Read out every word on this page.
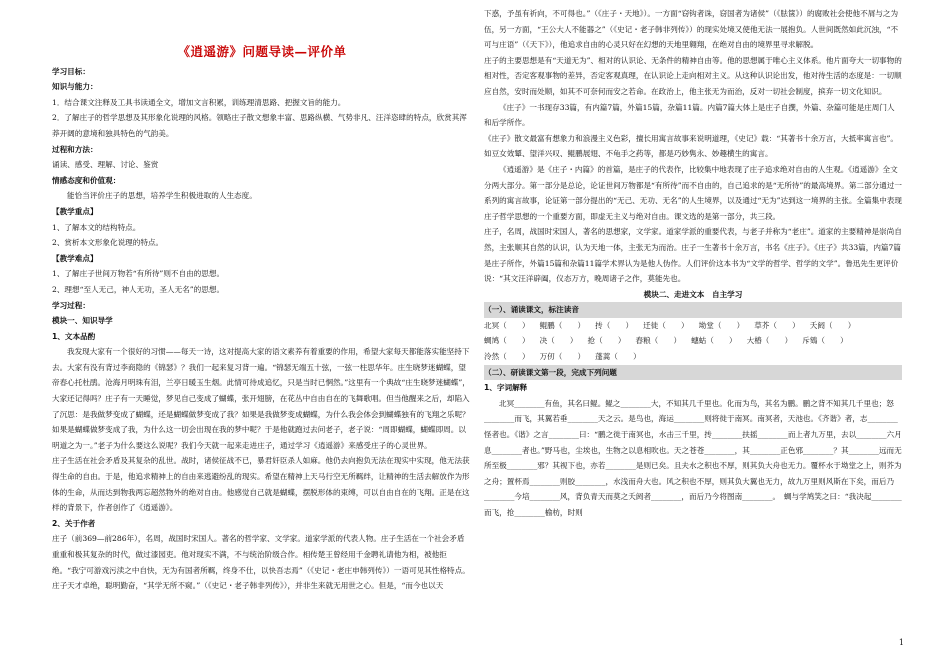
《逍遥游》问题导读—评价单

学习目标：

知识与能力：

1．结合课文注释及工具书读通全文，增加文言积累，训练理清思路、把握文旨的能力。

2．了解庄子的哲学思想及其形象化说理的风格。领略庄子散文想象丰富、思路纵横、气势非凡、汪洋恣肆的特点，欣赏其浑莽开阔的意境和独具特色的气韵美。

过程和方法：

诵读、感受、理解、讨论、鉴赏

情感态度和价值观：

能恰当评价庄子的思想，培养学生积极进取的人生态度。

【教学重点】

1、了解本文的结构特点。

2、赏析本文形象化说理的特点。

【教学难点】

1、了解庄子世间万物若“有所待”则不自由的思想。

2、理想“至人无己，神人无功，圣人无名”的思想。

学习过程：

模块一、知识导学

1、文本品酌

我发现大家有一个很好的习惯——每天一诗，这对提高大家的语文素养有着重要的作用，希望大家每天都能落实能坚持下去。大家有没有背过李商隐的《锦瑟》？我们一起来复习背一遍。“锦瑟无端五十弦，一弦一柱思华年。庄生晓梦迷蝴蝶，望帝春心托杜鹃。沧海月明珠有泪，兰亭日暖玉生烟。此情可待成追忆，只是当时已惘然。”这里有一个典故“庄生晓梦迷蝴蝶”，大家还记得吗？庄子有一天睡觉，梦见自己变成了蝴蝶，张开翅膀，在花丛中自由自在的飞舞歌唱。但当他醒来之后，却陷入了沉思：是我做梦变成了蝴蝶，还是蝴蝶做梦变成了我？如果是我做梦变成蝴蝶，为什么我会体会到蝴蝶独有的飞翔之乐呢？如果是蝴蝶做梦变成了我，为什么这一切会出现在我的梦中呢？于是他就跑过去问老子，老子说：“周即蝴蝶，蝴蝶即周。以明道之为一。”老子为什么要这么说呢？我们今天就一起来走进庄子，通过学习《逍遥游》来感受庄子的心灵世界。

庄子生活在社会矛盾及其复杂的乱世。战时，诸侯征战不已，暴君奸臣杀人如麻。他仍去向抱负无法在现实中实现，他无法获得生命的自由。于是，他追求精神上的自由来逃避纷乱的现实。希望在精神上天马行空无所羁绊，让精神的生活去解放作为形体的生命，从而达到物我两忘超然物外的绝对自由。他感觉自己就是蝴蝶，摆脱形体的束缚，可以自由自在的飞翔。正是在这样的背景下，作者创作了《逍遥游》。

2、关于作者

庄子（前369—前286年），名周，战国时宋国人。著名的哲学家、文学家。道家学派的代表人物。庄子生活在一个社会矛盾重重和极其复杂的时代，做过漆园吏。他对现实不满，不与统治阶级合作。相传楚王曾经用千金聘礼请他为相，被他拒绝。“我宁可游戏污渎之中自快，无为有国者所羁，终身不仕，以快吾志焉”（《史记・老庄申韩列传》）一语可见其性格特点。　　　　庄子天才卓绝，聪明勤奋，“其学无所不窥。”（《史记・老子韩非列传》），并非生来就无用世之心。但是，“而今也以天

下惑，予虽有祈向，不可得也。”（《庄子・天地》）。一方面“窃钩者诛，窃国者为诸侯”（《胠箧》）的腐败社会使他不屑与之为伍，另一方面，“王公大人不能器之”（《史记・老子韩非列传》）的现实处境又使他无法一展抱负。人世间既然如此沉浊，“不可与庄语”（《天下》），他追求自由的心灵只好在幻想的天地里翱翔，在绝对自由的境界里寻求解脱。

庄子的主要思想是有“天道无为”、相对的认识论、无条件的精神自由等。他的思想属于唯心主义体系。他片面夸大一切事物的相对性，否定客观事物的差异，否定客观真理，在认识论上走向相对主义。从这种认识论出发，他对待生活的态度是：一切顺应自然，安时而处顺，如其不可奈何而安之若命。在政治上，他主张无为而治，反对一切社会制度，摈弃一切文化知识。

《庄子》一书现存33篇，有内篇7篇，外篇15篇，杂篇11篇。内篇7篇大体上是庄子自撰，外篇、杂篇可能是庄周门人和后学所作。

《庄子》散文最富有想象力和浪漫主义色彩，擅长用寓言故事来说明道理，《史记》载：“其著书十余万言，大抵率寓言也”。如豆女效颦、望洋兴叹、鲲鹏展翅、不龟手之药等，都是巧妙隽永、妙趣横生的寓言。

《逍遥游》是《庄子・内篇》的首篇，是庄子的代表作，比较集中地表现了庄子追求绝对自由的人生观。《逍遥游》全文分两大部分。第一部分是总论，论证世间万物都是“有所待”而不自由的，自己追求的是“无所待”的最高境界。第二部分通过一系列的寓言故事，论证第一部分提出的“无己、无功、无名”的人生境界，以及通过“无为”达到这一境界的主张。全篇集中表现庄子哲学思想的一个重要方面，即虚无主义与绝对自由。课文选的是第一部分，共三段。

庄子，名周，战国时宋国人，著名的思想家，文学家。道家学派的重要代表，与老子并称为“老庄”。道家的主要精神是崇尚自然，主张顺其自然的认识，认为天地一体，主张无为而治。庄子一生著书十余万言，书名《庄子》。《庄子》共33篇，内篇7篇是庄子所作，外篇15篇和杂篇11篇学术界认为是他人伪作。人们评价这本书为“文学的哲学、哲学的文学”。鲁迅先生更评价说：“其文汪洋辟阖，仪态万方，晚周诸子之作，莫能先也。

模块二、走进文本　自主学习

（一）、诵读课文，标注读音

北冥（　　） 鲲鹏（　　） 抟（　　） 迁徙（　　） 坳堂（　　） 草芥（　　） 夭阏（　　）
蜩鸠（　　） 决（　　） 抢（　　） 舂粮（　　） 蟪蛄（　　） 大椿（　　） 斥鴳（　　）
泠然（　　） 万仞（　　） 蓬蒿（　　）

（二）、研读课文第一段，完成下列问题

1、字词解释

北冥________有鱼，其名曰鲲。鲲之________大，不知其几千里也。化而为鸟，其名为鹏。鹏之背不知其几千里也；怒________而飞，其翼若垂________天之云。是鸟也，海运________则将徙于南冥。南冥者，天池也。《齐谐》者，志________怪者也。《谐》之言________曰：“鹏之徙于南冥也，水击三千里，抟________扶摇________而上者九万里，去以________六月息________者也。”野马也，尘埃也，生物之以息相吹也。天之苍苍________，其________正色邪________？其________远而无所至极________邪？其视下也，亦若________是则已矣。且夫水之积也不厚，则其负大舟也无力。覆杯水于坳堂之上，则芥为之舟；置杯焉________则胶________，水浅而舟大也。风之积也不厚，则其负大翼也无力，故九万里则风斯在下矣，而后乃________今培________风，背负青天而莫之夭阏者________，而后乃今将图南________。　蜩与学鸠笑之曰：“我决起________而飞，抢________榆枋，时则

1
